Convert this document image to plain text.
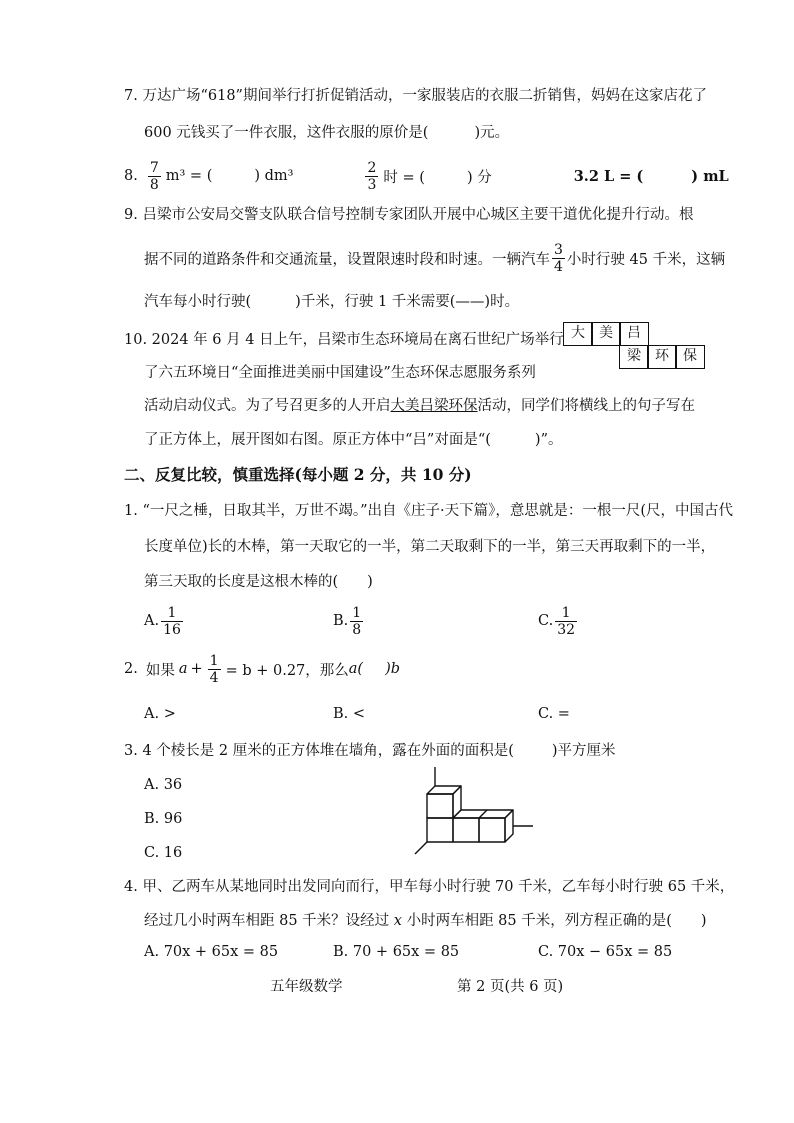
7. 万达广场“618”期间举行打折促销活动，一家服装店的衣服二折销售，妈妈在这家店花了
600 元钱买了一件衣服，这件衣服的原价是(	)元。
8. $\frac{7}{8} m^3$ = (	) dm³	$\frac{2}{3}$ 时 = (	) 分	3.2 L = (	) mL
9. 吕梁市公安局交警支队联合信号控制专家团队开展中心城区主要干道优化提升行动。根
据不同的道路条件和交通流量，设置限速时段和时速。一辆汽车 $\frac{3}{4}$ 小时行驶 45 千米，这辆
汽车每小时行驶(	)千米，行驶 1 千米需要(——)时。
10. 2024 年 6 月 4 日上午，吕梁市生态环境局在离石世纪广场举行
了六五环境日“全面推进美丽中国建设”生态环保志愿服务系列
活动启动仪式。为了号召更多的人开启大美吕梁环保活动，同学们将横线上的句子写在
了正方体上，展开图如右图。原正方体中“吕”对面是“(	)”。
大	美	吕
梁	环	保
二、反复比较，慎重选择(每小题 2 分，共 10 分)
1. “一尺之棰，日取其半，万世不竭。”出自《庄子·天下篇》，意思就是：一根一尺(尺，中国古代
长度单位)长的木棒，第一天取它的一半，第二天取剩下的一半，第三天再取剩下的一半，
第三天取的长度是这根木棒的(　　)
A. $\frac{1}{16}$	B. $\frac{1}{8}$	C. $\frac{1}{32}$
2. 如果 $a + \frac{1}{4} = b + 0.27$，那么 a( )b
A. >	B. <	C. =
3. 4 个棱长是 2 厘米的正方体堆在墙角，露在外面的面积是(	)平方厘米
A. 36
B. 96
C. 16
4. 甲、乙两车从某地同时出发同向而行，甲车每小时行驶 70 千米，乙车每小时行驶 65 千米，
经过几小时两车相距 85 千米？设经过 x 小时两车相距 85 千米，列方程正确的是(　　)
A. 70x + 65x = 85	B. 70 + 65x = 85	C. 70x − 65x = 85
五年级数学	第 2 页(共 6 页)
